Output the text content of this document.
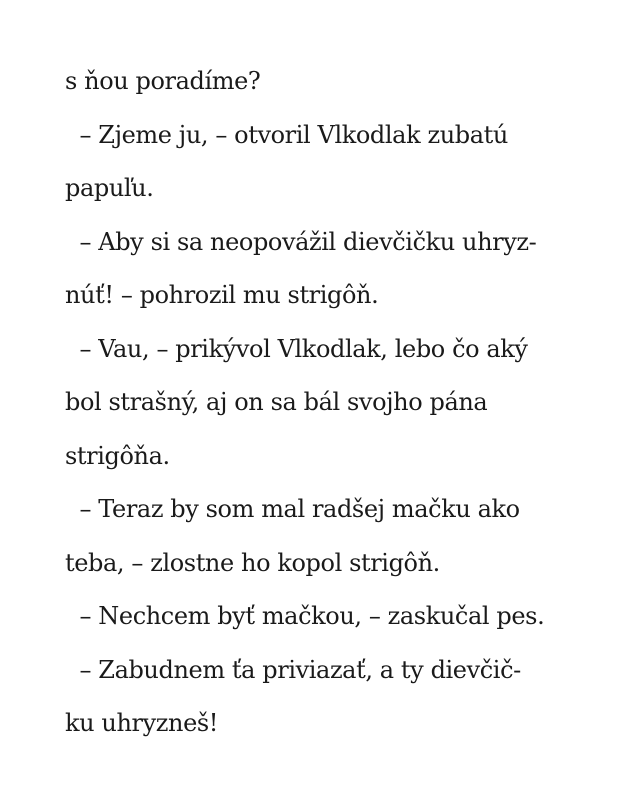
s ňou poradíme?
– Zjeme ju, – otvoril Vlkodlak zubatú
papuľu.
– Aby si sa neopovážil dievčičku uhryz-
núť! – pohrozil mu strigôň.
– Vau, – prikývol Vlkodlak, lebo čo aký
bol strašný, aj on sa bál svojho pána
strigôňa.
– Teraz by som mal radšej mačku ako
teba, – zlostne ho kopol strigôň.
– Nechcem byť mačkou, – zaskučal pes.
– Zabudnem ťa priviazať, a ty dievčič-
ku uhryzneš!
